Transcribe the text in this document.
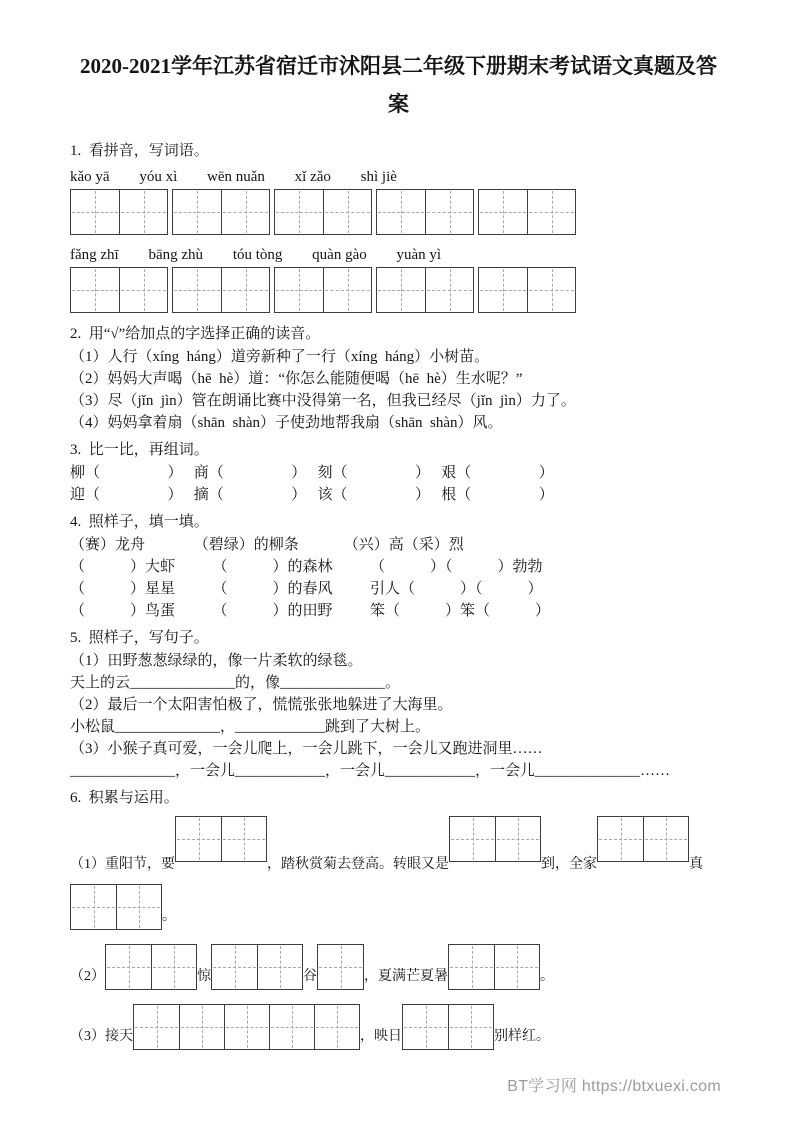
2020-2021学年江苏省宿迁市沭阳县二年级下册期末考试语文真题及答案
1.  看拼音，写词语。
kǎo yā yóu xì wēn nuǎn xǐ zǎo shì jiè
fǎng zhī bāng zhù tóu tòng quàn gào yuàn yì
2.  用“√”给加点的字选择正确的读音。
（1）人行（xíng  háng）道旁新种了一行（xíng  háng）小树苗。
（2）妈妈大声喝（hē  hè）道：“你怎么能随便喝（hē  hè）生水呢？”
（3）尽（jǐn  jìn）管在朗诵比赛中没得第一名，但我已经尽（jǐn  jìn）力了。
（4）妈妈拿着扇（shān  shàn）子使劲地帮我扇（shān  shàn）风。
3.  比一比，再组词。
柳（                  ）   商（                  ）   刻（                  ）   艰（                  ）
迎（                  ）   摘（                  ）   该（                  ）   根（                  ）
4.  照样子，填一填。
（赛）龙舟             （碧绿）的柳条            （兴）高（采）烈
（            ）大虾          （            ）的森林          （            ）（            ）勃勃
（            ）星星          （            ）的春风          引人（            ）（            ）
（            ）鸟蛋          （            ）的田野          笨（            ）笨（            ）
5.  照样子，写句子。
（1）田野葱葱绿绿的，像一片柔软的绿毯。
天上的云______________的，像______________。
（2）最后一个太阳害怕极了，慌慌张张地躲进了大海里。
小松鼠______________，____________跳到了大树上。
（3）小猴子真可爱，一会儿爬上，一会儿跳下，一会儿又跑进洞里……
______________，一会儿____________，一会儿____________，一会儿______________……
6.  积累与运用。
（1）重阳节，要	，踏秋赏菊去登高。转眼又是	到，全家	真
。
（2）	惊	谷	，夏满芒夏暑	。
（3）接天	，映日	别样红。
BT学习网 https://btxuexi.com
